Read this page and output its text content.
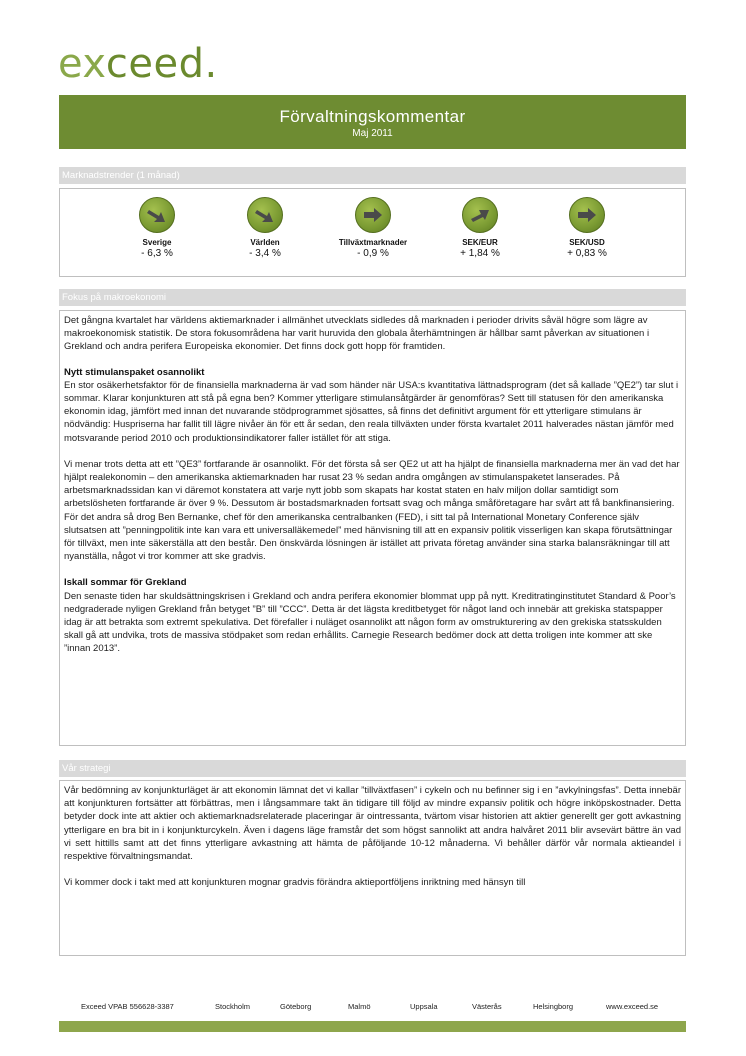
exceed.
Förvaltningskommentar
Maj 2011
Marknadstrender (1 månad)
Sverige
- 6,3 %
Världen
- 3,4 %
Tillväxtmarknader
- 0,9 %
SEK/EUR
+ 1,84 %
SEK/USD
+ 0,83 %
Fokus på makroekonomi

Det gångna kvartalet har världens aktiemarknader i allmänhet utvecklats sidledes då marknaden i perioder drivits såväl högre som lägre av makroekonomisk statistik. De stora fokusområdena har varit huruvida den globala återhämtningen är hållbar samt påverkan av situationen i Grekland och andra perifera Europeiska ekonomier. Det finns dock gott hopp för framtiden.

Nytt stimulanspaket osannolikt

En stor osäkerhetsfaktor för de finansiella marknaderna är vad som händer när USA:s kvantitativa lättnadsprogram (det så kallade ”QE2”) tar slut i sommar. Klarar konjunkturen att stå på egna ben? Kommer ytterligare stimulansåtgärder är genomföras? Sett till statusen för den amerikanska ekonomin idag, jämfört med innan det nuvarande stödprogrammet sjösattes, så finns det definitivt argument för ett ytterligare stimulans är nödvändig: Huspriserna har fallit till lägre nivåer än för ett år sedan, den reala tillväxten under första kvartalet 2011 halverades nästan jämför med motsvarande period 2010 och produktionsindikatorer faller istället för att stiga.

Vi menar trots detta att ett ”QE3” fortfarande är osannolikt. För det första så ser QE2 ut att ha hjälpt de finansiella marknaderna mer än vad det har hjälpt realekonomin – den amerikanska aktiemarknaden har rusat 23 % sedan andra omgången av stimulanspaketet lanserades. På arbetsmarknadssidan kan vi däremot konstatera att varje nytt jobb som skapats har kostat staten en halv miljon dollar samtidigt som arbetslösheten fortfarande är över 9 %. Dessutom är bostadsmarknaden fortsatt svag och många småföretagare har svårt att få bankfinansiering. För det andra så drog Ben Bernanke, chef för den amerikanska centralbanken (FED), i sitt tal på International Monetary Conference själv slutsatsen att ”penningpolitik inte kan vara ett universalläkemedel” med hänvisning till att en expansiv politik visserligen kan skapa förutsättningar för tillväxt, men inte säkerställa att den består. Den önskvärda lösningen är istället att privata företag använder sina starka balansräkningar till att nyanställa, något vi tror kommer att ske gradvis.

Iskall sommar för Grekland

Den senaste tiden har skuldsättningskrisen i Grekland och andra perifera ekonomier blommat upp på nytt. Kreditratinginstitutet Standard & Poor’s nedgraderade nyligen Grekland från betyget ”B” till ”CCC”. Detta är det lägsta kreditbetyget för något land och innebär att grekiska statspapper idag är att betrakta som extremt spekulativa. Det förefaller i nuläget osannolikt att någon form av omstrukturering av den grekiska statsskulden skall gå att undvika, trots de massiva stödpaket som redan erhållits. Carnegie Research bedömer dock att detta troligen inte kommer att ske ”innan 2013”.

Vår strategi

Vår bedömning av konjunkturläget är att ekonomin lämnat det vi kallar ”tillväxtfasen” i cykeln och nu befinner sig i en ”avkylningsfas”. Detta innebär att konjunkturen fortsätter att förbättras, men i långsammare takt än tidigare till följd av mindre expansiv politik och högre inköpskostnader. Detta betyder dock inte att aktier och aktiemarknadsrelaterade placeringar är ointressanta, tvärtom visar historien att aktier generellt ger gott avkastning ytterligare en bra bit in i konjunkturcykeln. Även i dagens läge framstår det som högst sannolikt att andra halvåret 2011 blir avsevärt bättre än vad vi sett hittills samt att det finns ytterligare avkastning att hämta de påföljande 10-12 månaderna. Vi behåller därför vår normala aktieandel i respektive förvaltningsmandat.

Vi kommer dock i takt med att konjunkturen mognar gradvis förändra aktieportföljens inriktning med hänsyn till

Exceed VPAB 556628-3387	Stockholm	Göteborg	Malmö	Uppsala	Västerås	Helsingborg	www.exceed.se
